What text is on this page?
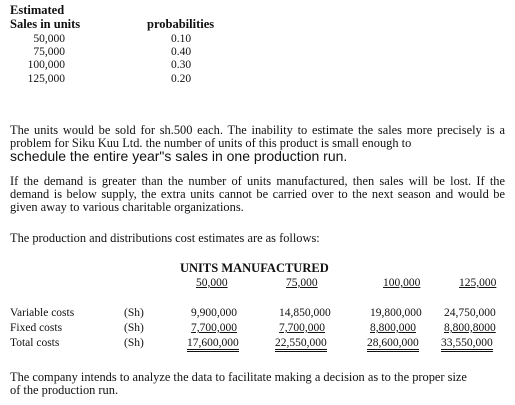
Estimated
Sales in units	probabilities
50,000	0.10
75,000	0.40
100,000	0.30
125,000	0.20
The units would be sold for sh.500 each. The inability to estimate the sales more precisely is a problem for Siku Kuu Ltd. the number of units of this product is small enough to
schedule the entire year"s sales in one production run.
If the demand is greater than the number of units manufactured, then sales will be lost. If the demand is below supply, the extra units cannot be carried over to the next season and would be given away to various charitable organizations.
The production and distributions cost estimates are as follows:
UNITS MANUFACTURED
50,000	75,000	100,000	125,000
Variable costs	(Sh)	9,900,000	14,850,000	19,800,000 24,750,000
Fixed costs	(Sh)	7,700,000	7,700,000	8,800,000 8,800,8000
Total costs	(Sh)	17,600,000	22,550,000	28,600,000 33,550,000
The company intends to analyze the data to facilitate making a decision as to the proper size of the production run.
